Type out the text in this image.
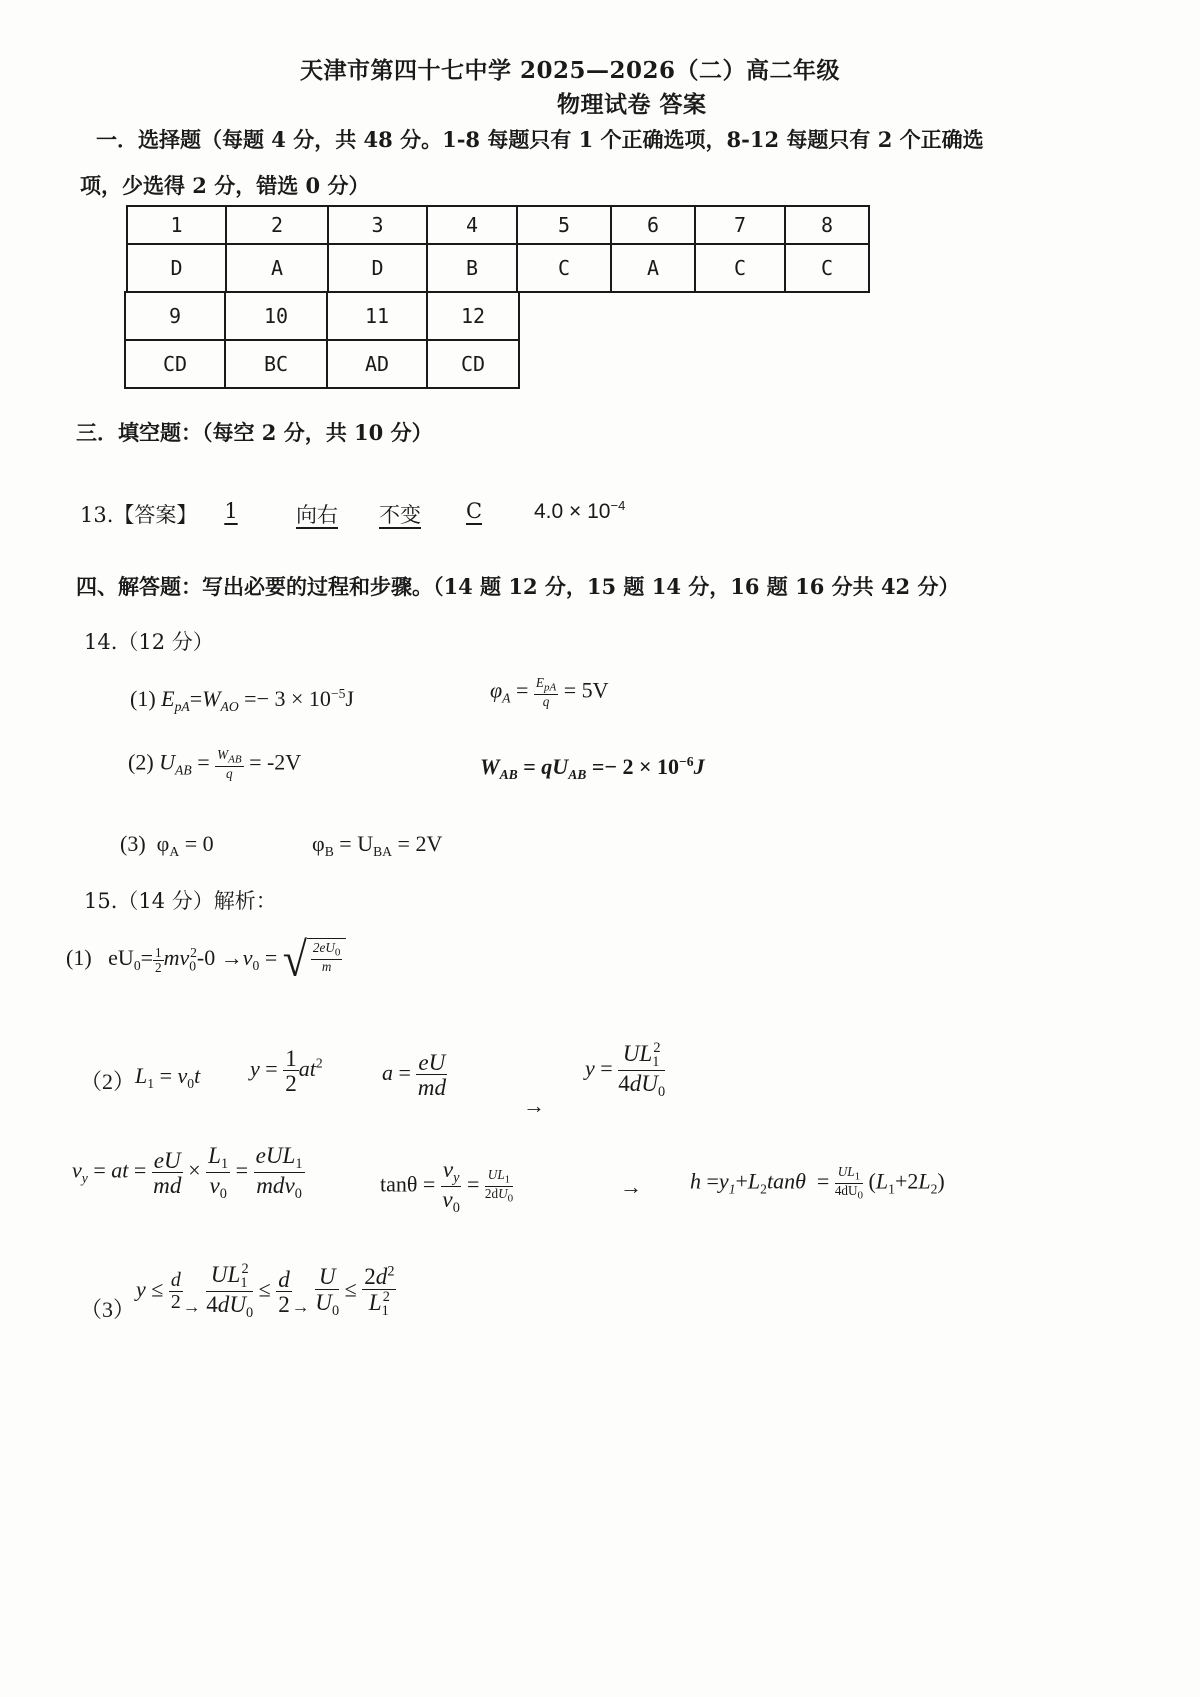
天津市第四十七中学 2025—2026（二）高二年级
物理试卷 答案
一．选择题（每题 4 分，共 48 分。1-8 每题只有 1 个正确选项，8-12 每题只有 2 个正确选
项，少选得 2 分，错选 0 分）
1	2	3	4	5	6	7	8
D	A	D	B	C	A	C	C
9	10	11	12
CD	BC	AD	CD
三．填空题：（每空 2 分，共 10 分）
13.【答案】	1	向右 不变 C $4.0 \times 10^{-4}$
四、解答题：写出必要的过程和步骤。（14 题 12 分，15 题 14 分，16 题 16 分共 42 分）
14.（12 分）
(1) $E_{pA}=W_{AO} =- 3 \times 10^{-5}J$	$\varphi_A = \frac{E_{pA}}{q} = 5V$
(2) $U_{AB} = \frac{W_{AB}}{q} = -2V$	$W_{AB} = qU_{AB} =- 2 \times 10^{-6}J$
(3)  $\varphi_A = 0$	$\varphi_B = U_{BA} = 2V$
15.（14 分）解析：
(1)   $eU_0= \frac{1}{2} mv_0^2-0 \to v_0$ = √ $\frac{2eU_0}{m}$
（2） $L_1 = v_0t$ $y = \frac{1}{2} at^2$	$a = \frac{eU}{md}$
→
$y = \frac{UL_1^2}{4dU_0}$
$v_y$ = at = $\frac{eU}{md} \times \frac{L_1}{v_0} = \frac{eUL_1}{mdv_0}$	$\tan\theta = \frac{v_y}{v_0} = \frac{UL_1}{2dU_0}$	→ $h =y_1+L_2\tan\theta = \frac{UL_1}{4dU_0} (L_1+2L_2)$
（3）
$y \le \frac{d}{2} _\to \frac{UL_1^2}{4dU_0} \le \frac{d}{2} _\to \frac{U}{U_0} \le \frac{2d^2}{L_1^2}$
